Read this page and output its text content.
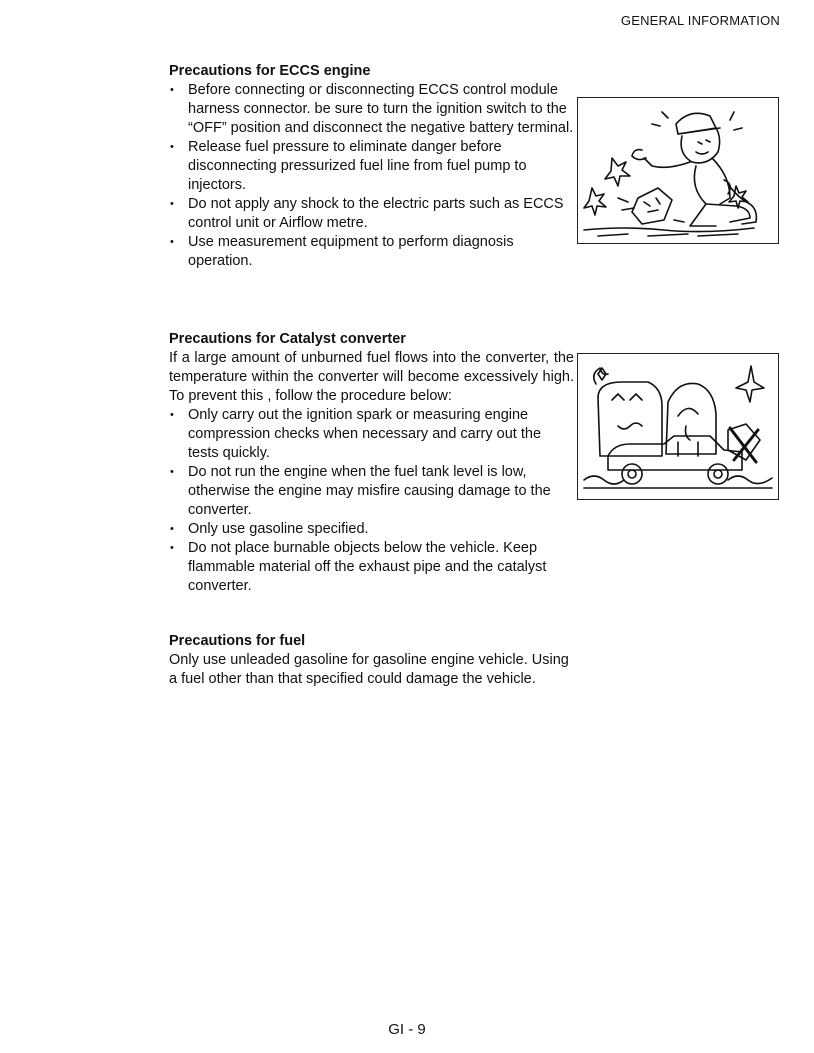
GENERAL INFORMATION
Precautions for ECCS engine
• Before connecting or disconnecting ECCS control module harness connector. be sure to turn the ignition switch to the “OFF” position and disconnect the negative battery terminal.
• Release fuel pressure to eliminate danger before disconnecting pressurized fuel line from fuel pump to injectors.
• Do not apply any shock to the electric parts such as ECCS control unit or Airflow metre.
• Use measurement equipment to perform diagnosis operation.
Precautions for Catalyst converter

If a large amount of unburned fuel flows into the converter, the temperature within the converter will become excessively high. To prevent this , follow the procedure below:

• Only carry out the ignition spark or measuring engine compression checks when necessary and carry out the tests quickly.
• Do not run the engine when the fuel tank level is low, otherwise the engine may misfire causing damage to the converter.
• Only use gasoline specified.
• Do not place burnable objects below the vehicle. Keep flammable material off the exhaust pipe and the catalyst converter.
Precautions for fuel

Only use unleaded gasoline for gasoline engine vehicle. Using a fuel other than that specified could damage the vehicle.

GI - 9
